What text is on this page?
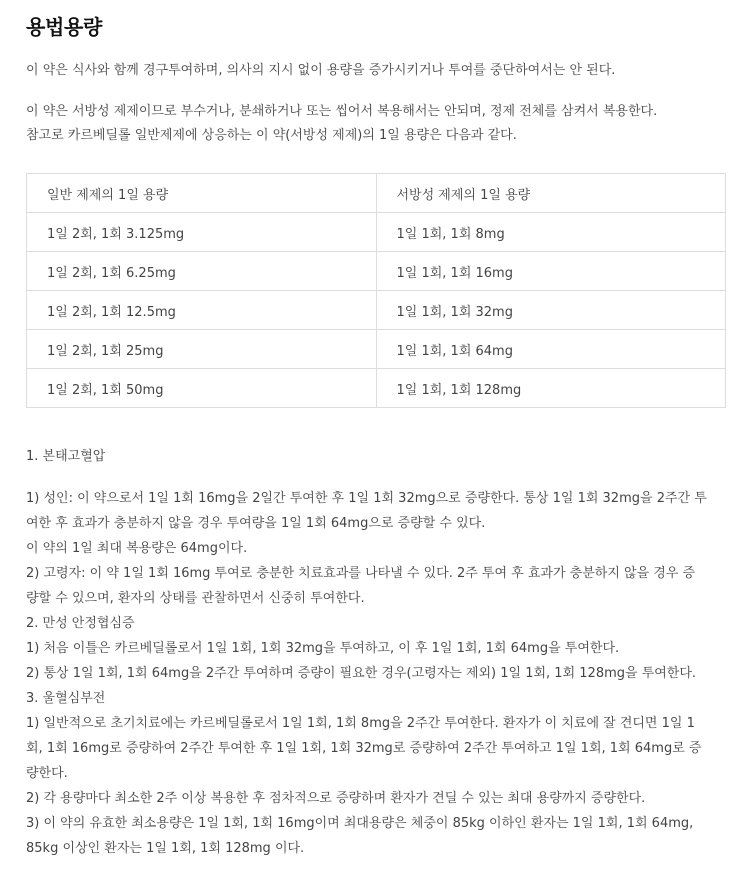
용법용량

이 약은 식사와 함께 경구투여하며, 의사의 지시 없이 용량을 증가시키거나 투여를 중단하여서는 안 된다.

이 약은 서방성 제제이므로 부수거나, 분쇄하거나 또는 씹어서 복용해서는 안되며, 정제 전체를 삼켜서 복용한다.
참고로 카르베딜롤 일반제제에 상응하는 이 약(서방성 제제)의 1일 용량은 다음과 같다.
일반 제제의 1일 용량	서방성 제제의 1일 용량
1일 2회, 1회 3.125mg	1일 1회, 1회 8mg
1일 2회, 1회 6.25mg	1일 1회, 1회 16mg
1일 2회, 1회 12.5mg	1일 1회, 1회 32mg
1일 2회, 1회 25mg	1일 1회, 1회 64mg
1일 2회, 1회 50mg	1일 1회, 1회 128mg

1. 본태고혈압

1) 성인: 이 약으로서 1일 1회 16mg을 2일간 투여한 후 1일 1회 32mg으로 증량한다. 통상 1일 1회 32mg을 2주간 투

여한 후 효과가 충분하지 않을 경우 투여량을 1일 1회 64mg으로 증량할 수 있다.

이 약의 1일 최대 복용량은 64mg이다.

2) 고령자: 이 약 1일 1회 16mg 투여로 충분한 치료효과를 나타낼 수 있다. 2주 투여 후 효과가 충분하지 않을 경우 증

량할 수 있으며, 환자의 상태를 관찰하면서 신중히 투여한다.

2. 만성 안정협심증

1) 처음 이틀은 카르베딜롤로서 1일 1회, 1회 32mg을 투여하고, 이 후 1일 1회, 1회 64mg을 투여한다.

2) 통상 1일 1회, 1회 64mg을 2주간 투여하며 증량이 필요한 경우(고령자는 제외) 1일 1회, 1회 128mg을 투여한다.

3. 울혈심부전

1) 일반적으로 초기치료에는 카르베딜롤로서 1일 1회, 1회 8mg을 2주간 투여한다. 환자가 이 치료에 잘 견디면 1일 1

회, 1회 16mg로 증량하여 2주간 투여한 후 1일 1회, 1회 32mg로 증량하여 2주간 투여하고 1일 1회, 1회 64mg로 증

량한다.

2) 각 용량마다 최소한 2주 이상 복용한 후 점차적으로 증량하며 환자가 견딜 수 있는 최대 용량까지 증량한다.

3) 이 약의 유효한 최소용량은 1일 1회, 1회 16mg이며 최대용량은 체중이 85kg 이하인 환자는 1일 1회, 1회 64mg,

85kg 이상인 환자는 1일 1회, 1회 128mg 이다.
